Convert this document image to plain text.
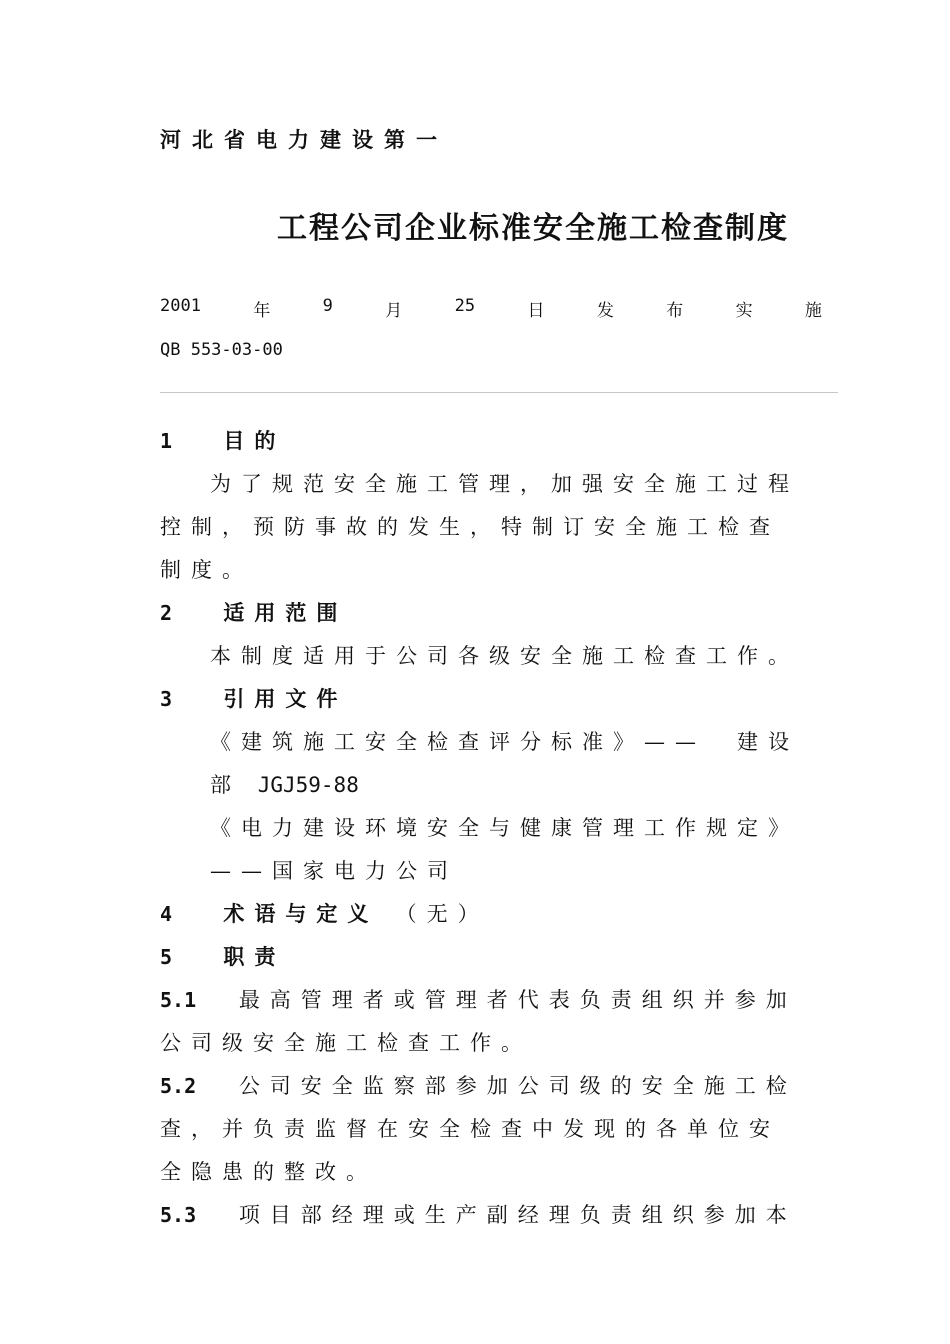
河北省电力建设第一
工程公司企业标准安全施工检查制度
2001	年	9	月	25	日	发	布	实	施
QB 553-03-00
1 目的
为了规范安全施工管理，加强安全施工过程
控制，预防事故的发生，特制订安全施工检查
制度。
2 适用范围
本制度适用于公司各级安全施工检查工作。
3 引用文件
《建筑施工安全检查评分标准》——　建设
部 JGJ59-88
《电力建设环境安全与健康管理工作规定》
——国家电力公司
4 术语与定义 （无）
5 职责
5.1 最高管理者或管理者代表负责组织并参加
公司级安全施工检查工作。
5.2 公司安全监察部参加公司级的安全施工检
查，并负责监督在安全检查中发现的各单位安
全隐患的整改。
5.3 项目部经理或生产副经理负责组织参加本
